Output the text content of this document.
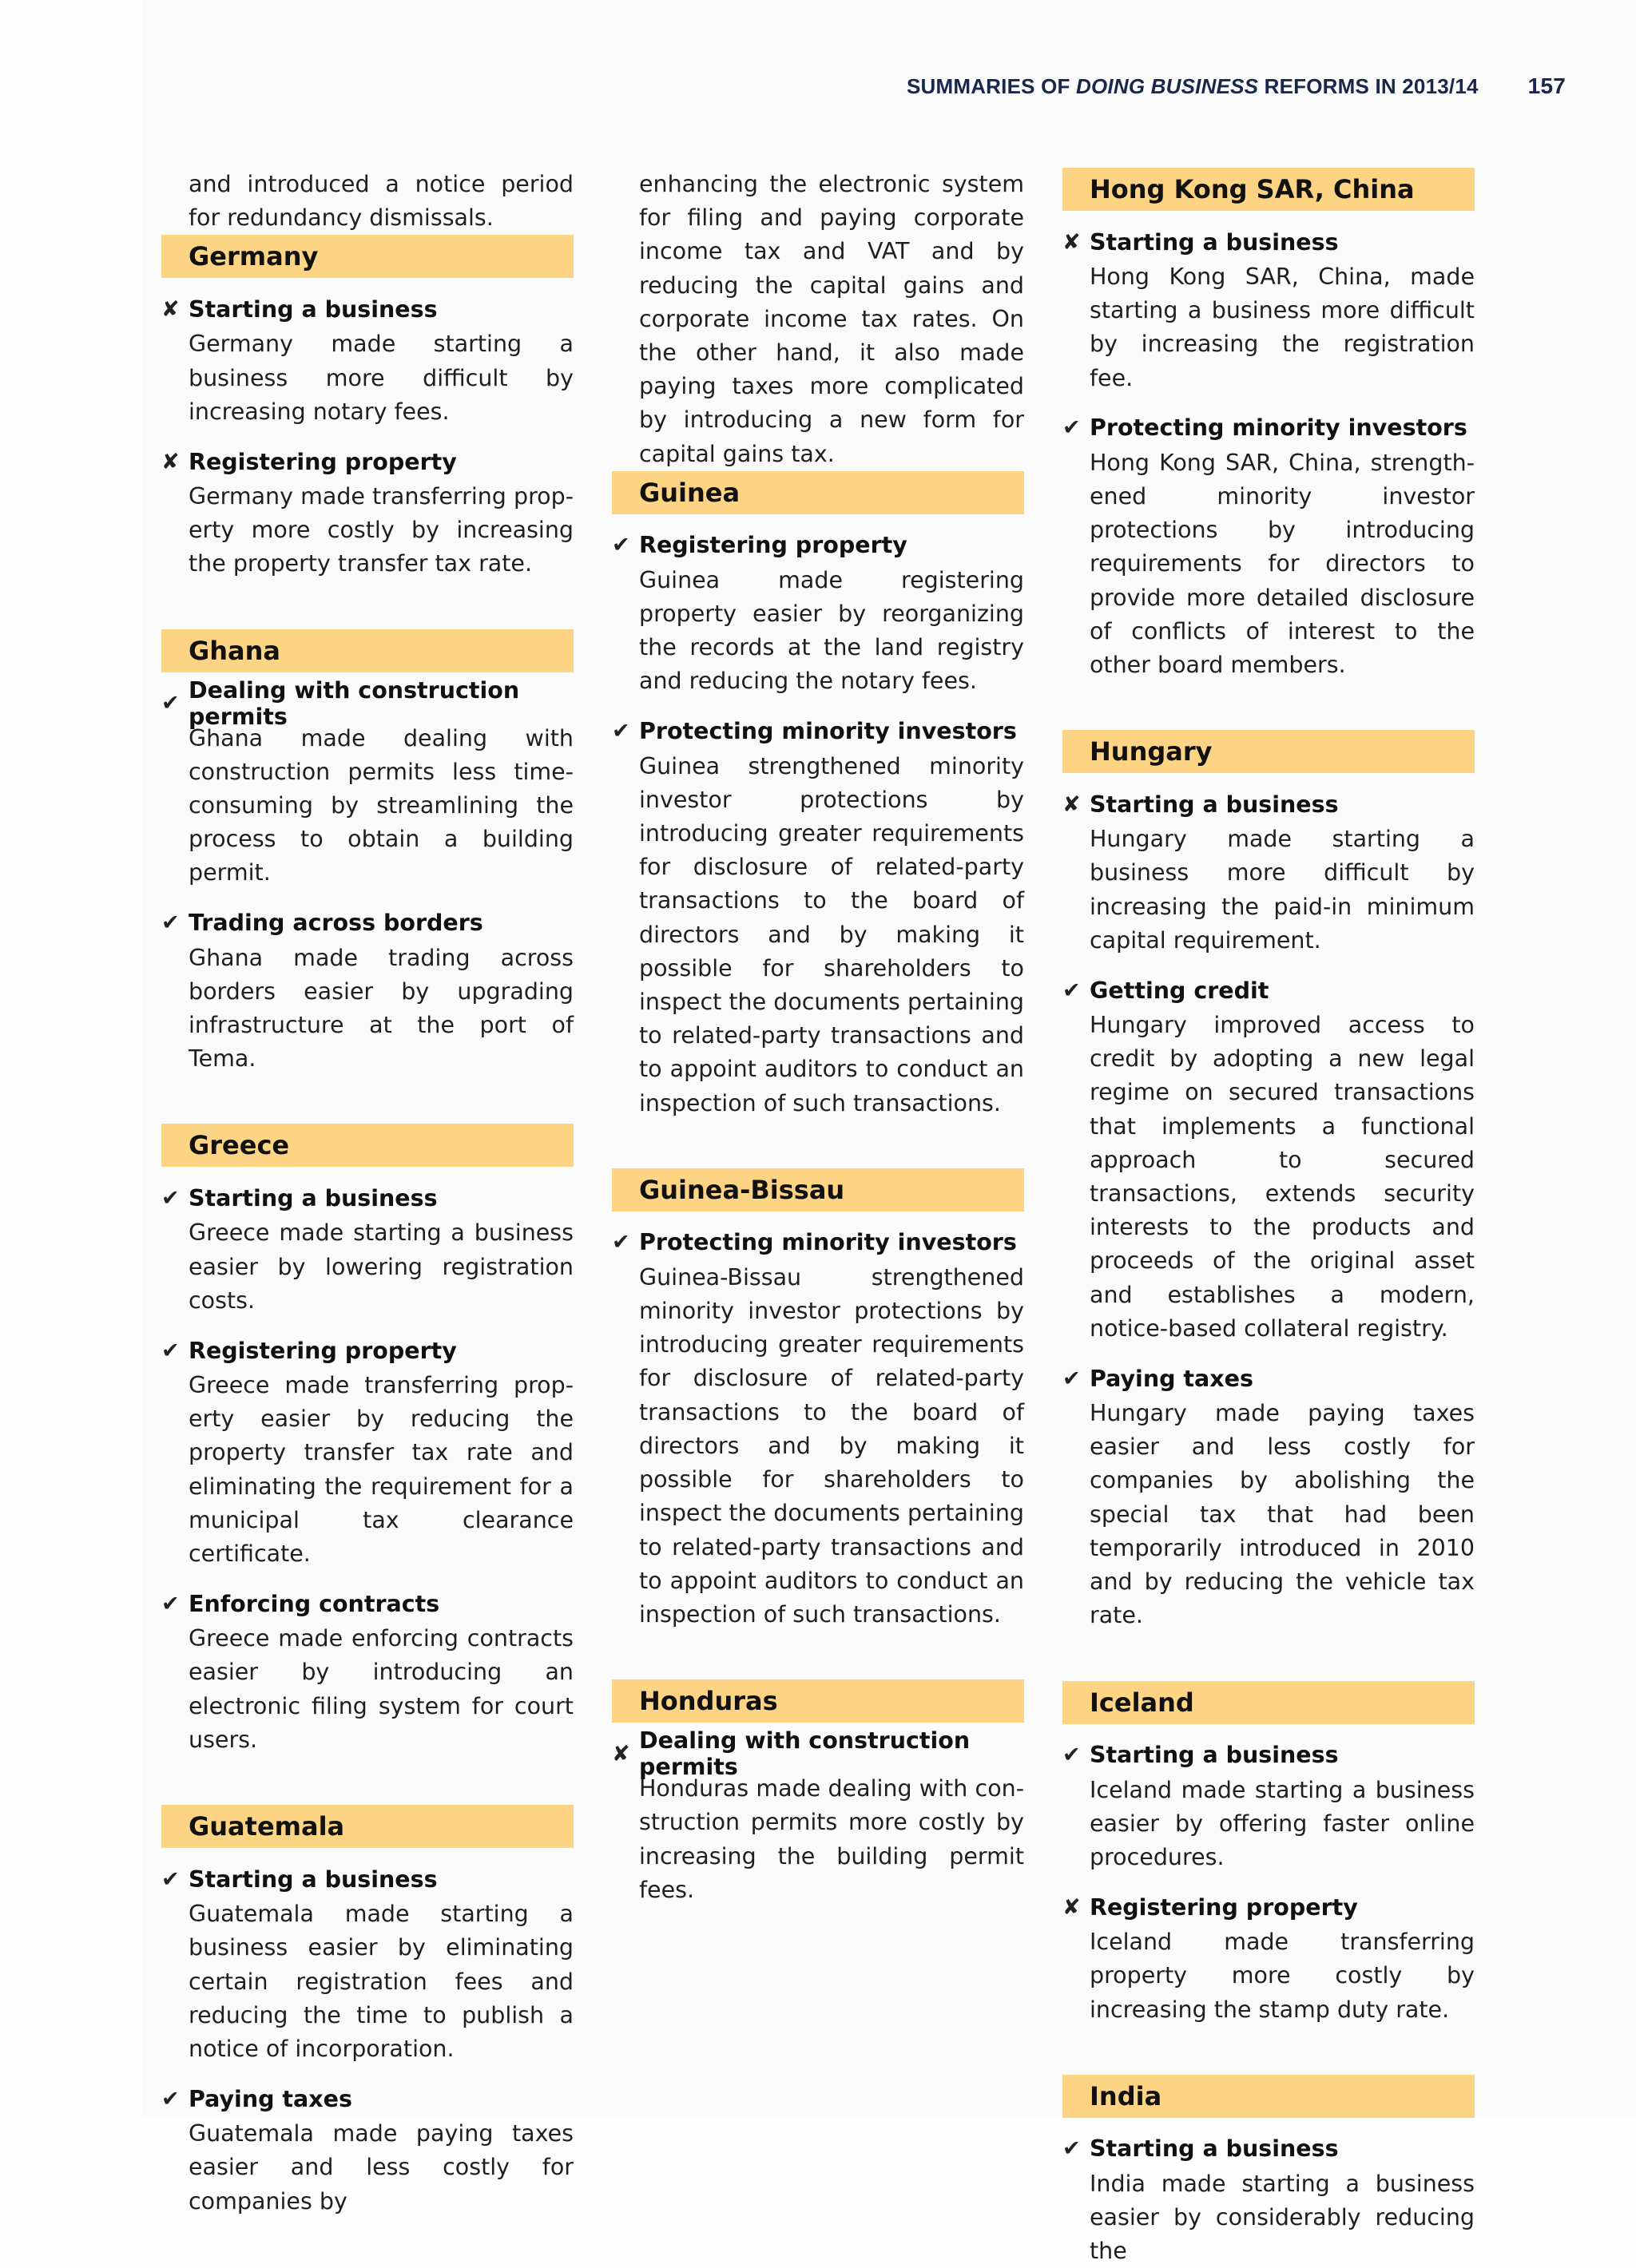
SUMMARIES OF DOING BUSINESS REFORMS IN 2013/14 157

and introduced a notice period for redundancy dismissals.

Germany
✘ Starting a business

Germany made starting a business more difficult by increasing notary fees.

✘ Registering property

Germany made transferring property more costly by increasing the property transfer tax rate.

Ghana
✔ Dealing with construction permits

Ghana made dealing with construction permits less time-consuming by streamlining the process to obtain a building permit.

✔ Trading across borders

Ghana made trading across borders easier by upgrading infrastructure at the port of Tema.

Greece
✔ Starting a business

Greece made starting a business easier by lowering registration costs.

✔ Registering property

Greece made transferring property easier by reducing the property transfer tax rate and eliminating the requirement for a municipal tax clearance certificate.

✔ Enforcing contracts

Greece made enforcing contracts easier by introducing an electronic filing system for court users.

Guatemala
✔ Starting a business

Guatemala made starting a business easier by eliminating certain registration fees and reducing the time to publish a notice of incorporation.

✔ Paying taxes

Guatemala made paying taxes easier and less costly for companies by

enhancing the electronic system for filing and paying corporate income tax and VAT and by reducing the capital gains and corporate income tax rates. On the other hand, it also made paying taxes more complicated by introducing a new form for capital gains tax.

Guinea
✔ Registering property

Guinea made registering property easier by reorganizing the records at the land registry and reducing the notary fees.

✔ Protecting minority investors

Guinea strengthened minority investor protections by introducing greater requirements for disclosure of related-party transactions to the board of directors and by making it possible for shareholders to inspect the documents pertaining to related-party transactions and to appoint auditors to conduct an inspection of such transactions.

Guinea-Bissau
✔ Protecting minority investors

Guinea-Bissau strengthened minority investor protections by introducing greater requirements for disclosure of related-party transactions to the board of directors and by making it possible for shareholders to inspect the documents pertaining to related-party transactions and to appoint auditors to conduct an inspection of such transactions.

Honduras
✘ Dealing with construction permits

Honduras made dealing with construction permits more costly by increasing the building permit fees.

Hong Kong SAR, China
✘ Starting a business

Hong Kong SAR, China, made starting a business more difficult by increasing the registration fee.

✔ Protecting minority investors

Hong Kong SAR, China, strengthened minority investor protections by introducing requirements for directors to provide more detailed disclosure of conflicts of interest to the other board members.

Hungary
✘ Starting a business

Hungary made starting a business more difficult by increasing the paid-in minimum capital requirement.

✔ Getting credit

Hungary improved access to credit by adopting a new legal regime on secured transactions that implements a functional approach to secured transactions, extends security interests to the products and proceeds of the original asset and establishes a modern, notice-based collateral registry.

✔ Paying taxes

Hungary made paying taxes easier and less costly for companies by abolishing the special tax that had been temporarily introduced in 2010 and by reducing the vehicle tax rate.

Iceland
✔ Starting a business

Iceland made starting a business easier by offering faster online procedures.

✘ Registering property

Iceland made transferring property more costly by increasing the stamp duty rate.

India
✔ Starting a business

India made starting a business easier by considerably reducing the
